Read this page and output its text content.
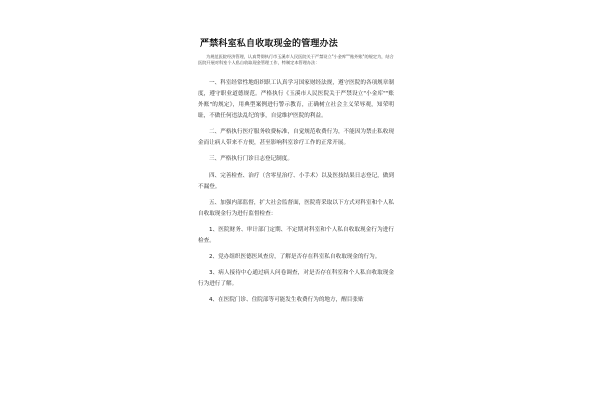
严禁科室私自收取现金的管理办法
为规范医院经济管理，认真贯彻执行市玉溪市人民医院关于严禁设立"小金库""账外账"的规定为，结合医院开展对科室个人私自收取现金管理工作，特制定本管理办法：

一、科室经常性地组织职工认真学习国家财经法规，遵守医院的各项规章制度，遵守职业道德规范。严格执行《玉溪市人民医院关于严禁设立"小金库""账外账"的规定》，用典型案例进行警示教育，正确树立社会主义荣辱观，知荣明耻，不做任何违法乱纪的事，自觉维护医院的利益。

二、严格执行医疗服务收费标准，自觉规范收费行为，不能因为禁止私收现金而让病人带来不方便，甚至影响科室诊疗工作的正常开展。

三、严格执行门诊日志登记制度。

四、完善检查、治疗（含零星治疗、小手术）以及医技结果日志登记，做到不漏登。

五、加强内部监督，扩大社会监督面，医院将采取以下方式对科室和个人私自收取现金行为进行监督检查：

1、医院财务、审计部门定期、不定期对科室和个人私自收取现金行为进行检查。

2、党办组织医德医风查房，了解是否存在科室私自收取现金的行为。

3、病人接待中心通过病人问卷调查，对是否存在科室和个人私自收取现金行为进行了解。

4、在医院门诊、住院部等可能发生收费行为的地方，醒目张贴
